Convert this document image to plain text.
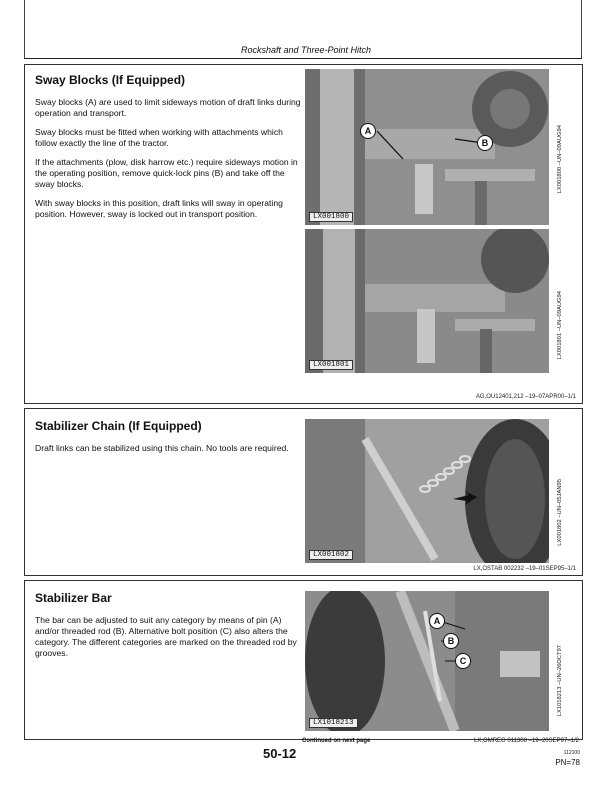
Rockshaft and Three-Point Hitch
Sway Blocks (If Equipped)

Sway blocks (A) are used to limit sideways motion of draft links during operation and transport.

Sway blocks must be fitted when working with attachments which follow exactly the line of the tractor.

If the attachments (plow, disk harrow etc.) require sideways motion in the operating position, remove quick-lock pins (B) and take off the sway blocks.

With sway blocks in this position, draft links will sway in operating position. However, sway is locked out in transport position.

A
B
LX001800
LX001800 –UN–09AUG94
LX001801
LX001801 –UN–09AUG94
AG,OU12401,212 –19–07APR00–1/1
Stabilizer Chain (If Equipped)

Draft links can be stabilized using this chain. No tools are required.

LX001802
LX001802 –UN–05JAN95
LX,OSTAB 002232 –19–01SEP95–1/1
Stabilizer Bar

The bar can be adjusted to suit any category by means of pin (A) and/or threaded rod (B). Alternative bolt position (C) also alters the category. The different categories are marked on the threaded rod by grooves.

A
B
C
LX1018213
LX1018213 –UN–26OCT97
Continued on next page	LX,OMREG 011308 –19–20SEP97–1/2
50-12	112100
PN=78
